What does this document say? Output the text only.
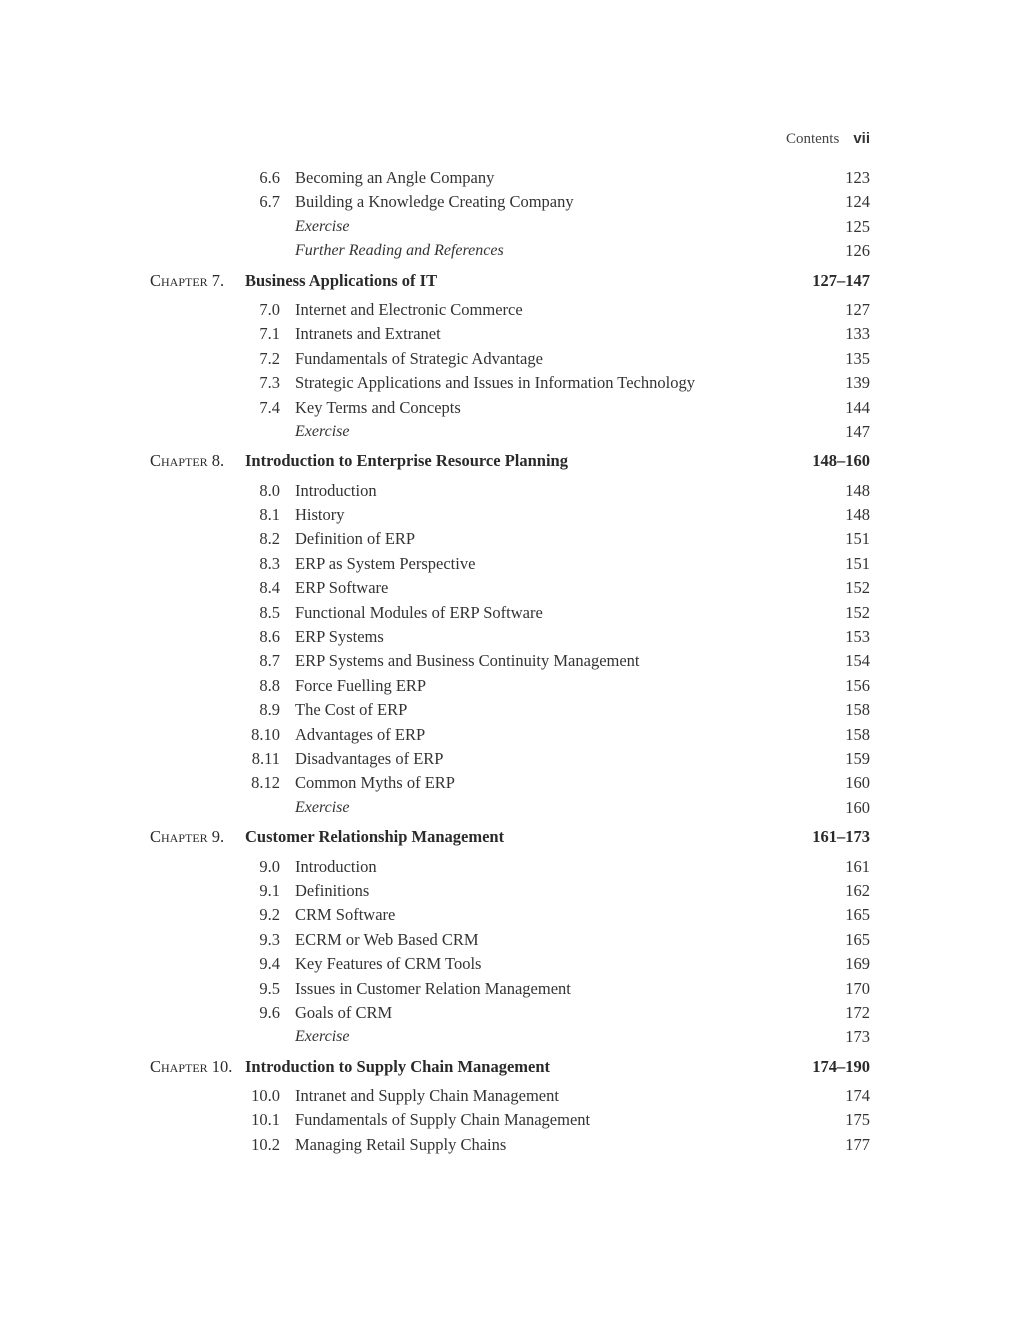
Contents vii
6.6 Becoming an Angle Company	123
6.7 Building a Knowledge Creating Company	124
Exercise	125
Further Reading and References	126
Chapter 7. Business Applications of IT	127–147
7.0 Internet and Electronic Commerce	127
7.1 Intranets and Extranet	133
7.2 Fundamentals of Strategic Advantage	135
7.3 Strategic Applications and Issues in Information Technology	139
7.4 Key Terms and Concepts	144
Exercise	147
Chapter 8. Introduction to Enterprise Resource Planning	148–160
8.0 Introduction	148
8.1 History	148
8.2 Definition of ERP	151
8.3 ERP as System Perspective	151
8.4 ERP Software	152
8.5 Functional Modules of ERP Software	152
8.6 ERP Systems	153
8.7 ERP Systems and Business Continuity Management	154
8.8 Force Fuelling ERP	156
8.9 The Cost of ERP	158
8.10 Advantages of ERP	158
8.11 Disadvantages of ERP	159
8.12 Common Myths of ERP	160
Exercise	160
Chapter 9. Customer Relationship Management	161–173
9.0 Introduction	161
9.1 Definitions	162
9.2 CRM Software	165
9.3 ECRM or Web Based CRM	165
9.4 Key Features of CRM Tools	169
9.5 Issues in Customer Relation Management	170
9.6 Goals of CRM	172
Exercise	173
Chapter 10. Introduction to Supply Chain Management	174–190
10.0 Intranet and Supply Chain Management	174
10.1 Fundamentals of Supply Chain Management	175
10.2 Managing Retail Supply Chains	177
